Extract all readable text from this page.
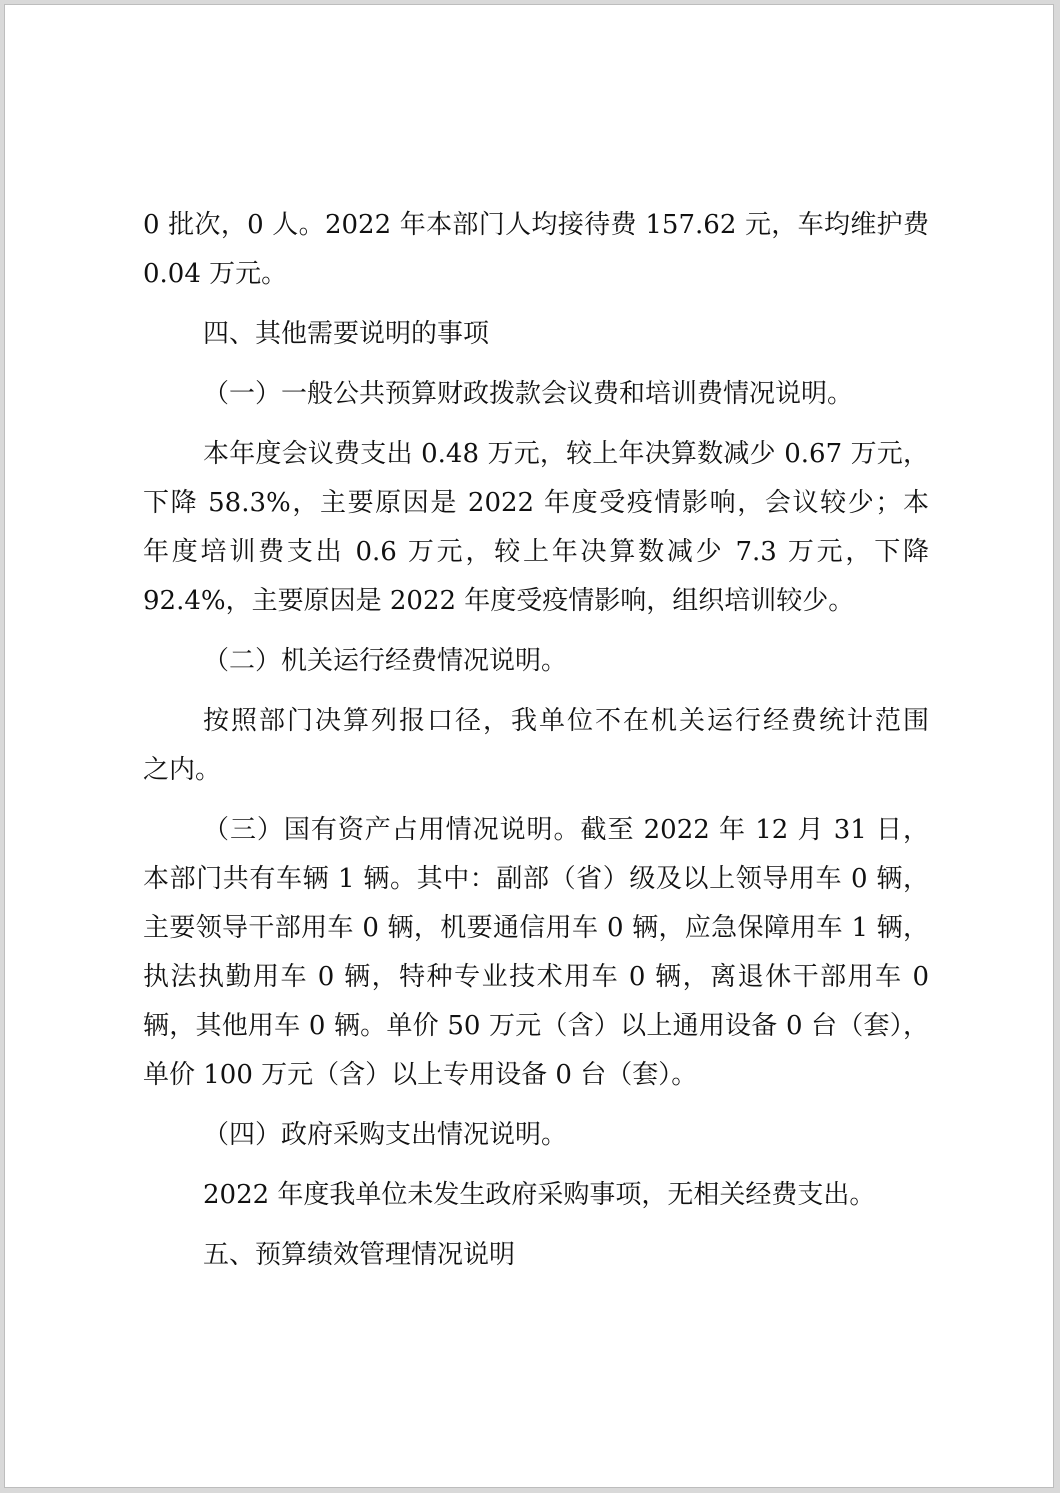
0 批次，0 人。2022 年本部门人均接待费 157.62 元，车均维护费
0.04 万元。
四、其他需要说明的事项
（一）一般公共预算财政拨款会议费和培训费情况说明。
本年度会议费支出 0.48 万元，较上年决算数减少 0.67 万元，
下降 58.3%，主要原因是 2022 年度受疫情影响，会议较少；本
年度培训费支出 0.6 万元，较上年决算数减少 7.3 万元，下降
92.4%，主要原因是 2022 年度受疫情影响，组织培训较少。
（二）机关运行经费情况说明。
按照部门决算列报口径，我单位不在机关运行经费统计范围
之内。
（三）国有资产占用情况说明。截至 2022 年 12 月 31 日，
本部门共有车辆 1 辆。其中：副部（省）级及以上领导用车 0 辆，
主要领导干部用车 0 辆，机要通信用车 0 辆，应急保障用车 1 辆，
执法执勤用车 0 辆，特种专业技术用车 0 辆，离退休干部用车 0
辆，其他用车 0 辆。单价 50 万元（含）以上通用设备 0 台（套），
单价 100 万元（含）以上专用设备 0 台（套）。
（四）政府采购支出情况说明。
2022 年度我单位未发生政府采购事项，无相关经费支出。
五、预算绩效管理情况说明
